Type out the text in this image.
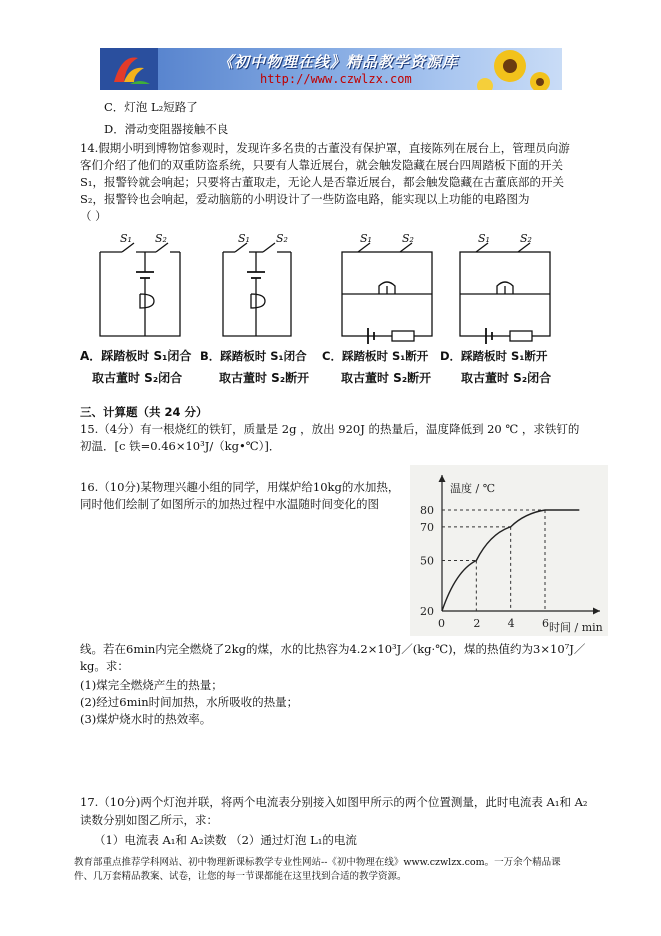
《初中物理在线》精品教学资源库
http://www.czwlzx.com
C．灯泡 L₂短路了
D．滑动变阻器接触不良
14.假期小明到博物馆参观时，发现许多名贵的古董没有保护罩，直接陈列在展台上，管理员向游
客们介绍了他们的双重防盗系统，只要有人靠近展台，就会触发隐藏在展台四周踏板下面的开关
S₁，报警铃就会响起；只要将古董取走，无论人是否靠近展台，都会触发隐藏在古董底部的开关
S₂，报警铃也会响起，爱动脑筋的小明设计了一些防盗电路，能实现以上功能的电路图为
（ ）
S₁ S₂	S₁ S₂	S₁	S₂	S₁	S₂
A．踩踏板时 S₁闭合
取古董时 S₂闭合
B．踩踏板时 S₁闭合
取古董时 S₂断开
C．踩踏板时 S₁断开
取古董时 S₂断开
D．踩踏板时 S₁断开
取古董时 S₂闭合
三、计算题（共 24 分）
15.（4分）有一根烧红的铁钉，质量是 2g ，放出 920J 的热量后，温度降低到 20 ℃ ，求铁钉的
初温．[c 铁=0.46×10³J/（kg•℃）]．
16.（10分)某物理兴趣小组的同学，用煤炉给10kg的水加热，
同时他们绘制了如图所示的加热过程中水温随时间变化的图
20
50
70
80
0	2 4 6
温度 / ℃
时间 / min
线。若在6min内完全燃烧了2kg的煤，水的比热容为4.2×10³J／(kg·℃)，煤的热值约为3×10⁷J／
kg。求：
(1)煤完全燃烧产生的热量；
(2)经过6min时间加热，水所吸收的热量；
(3)煤炉烧水时的热效率。
17.（10分)两个灯泡并联，将两个电流表分别接入如图甲所示的两个位置测量，此时电流表 A₁和 A₂
读数分别如图乙所示，求：
（1）电流表 A₁和 A₂读数 （2）通过灯泡 L₁的电流
教育部重点推荐学科网站、初中物理新课标教学专业性网站--《初中物理在线》www.czwlzx.com。一万余个精品课
件、几万套精品教案、试卷，让您的每一节课都能在这里找到合适的教学资源。
